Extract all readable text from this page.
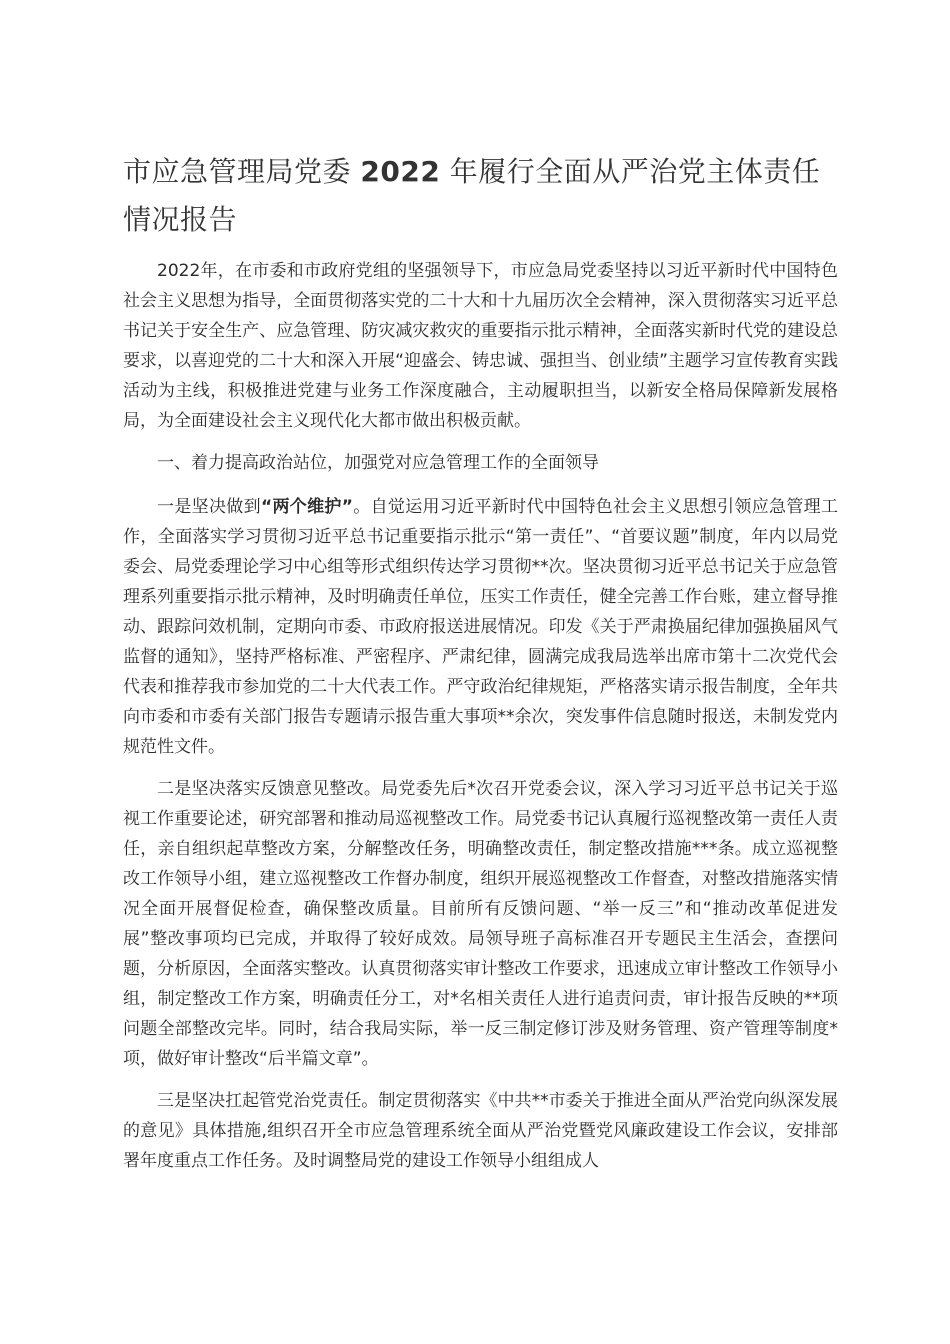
市应急管理局党委 2022 年履行全面从严治党主体责任情况报告

2022年，在市委和市政府党组的坚强领导下，市应急局党委坚持以习近平新时代中国特色社会主义思想为指导，全面贯彻落实党的二十大和十九届历次全会精神，深入贯彻落实习近平总书记关于安全生产、应急管理、防灾减灾救灾的重要指示批示精神，全面落实新时代党的建设总要求，以喜迎党的二十大和深入开展“迎盛会、铸忠诚、强担当、创业绩”主题学习宣传教育实践活动为主线，积极推进党建与业务工作深度融合，主动履职担当，以新安全格局保障新发展格局，为全面建设社会主义现代化大都市做出积极贡献。

一、着力提高政治站位，加强党对应急管理工作的全面领导

一是坚决做到“两个维护”。自觉运用习近平新时代中国特色社会主义思想引领应急管理工作，全面落实学习贯彻习近平总书记重要指示批示“第一责任”、“首要议题”制度，年内以局党委会、局党委理论学习中心组等形式组织传达学习贯彻**次。坚决贯彻习近平总书记关于应急管理系列重要指示批示精神，及时明确责任单位，压实工作责任，健全完善工作台账，建立督导推动、跟踪问效机制，定期向市委、市政府报送进展情况。印发《关于严肃换届纪律加强换届风气监督的通知》，坚持严格标准、严密程序、严肃纪律，圆满完成我局选举出席市第十二次党代会代表和推荐我市参加党的二十大代表工作。严守政治纪律规矩，严格落实请示报告制度，全年共向市委和市委有关部门报告专题请示报告重大事项**余次，突发事件信息随时报送，未制发党内规范性文件。

二是坚决落实反馈意见整改。局党委先后*次召开党委会议，深入学习习近平总书记关于巡视工作重要论述，研究部署和推动局巡视整改工作。局党委书记认真履行巡视整改第一责任人责任，亲自组织起草整改方案，分解整改任务，明确整改责任，制定整改措施***条。成立巡视整改工作领导小组，建立巡视整改工作督办制度，组织开展巡视整改工作督查，对整改措施落实情况全面开展督促检查，确保整改质量。目前所有反馈问题、“举一反三”和“推动改革促进发展”整改事项均已完成，并取得了较好成效。局领导班子高标准召开专题民主生活会，查摆问题，分析原因，全面落实整改。认真贯彻落实审计整改工作要求，迅速成立审计整改工作领导小组，制定整改工作方案，明确责任分工，对*名相关责任人进行追责问责，审计报告反映的**项问题全部整改完毕。同时，结合我局实际，举一反三制定修订涉及财务管理、资产管理等制度*项，做好审计整改“后半篇文章”。

三是坚决扛起管党治党责任。制定贯彻落实《中共**市委关于推进全面从严治党向纵深发展的意见》具体措施,组织召开全市应急管理系统全面从严治党暨党风廉政建设工作会议，安排部署年度重点工作任务。及时调整局党的建设工作领导小组组成人
